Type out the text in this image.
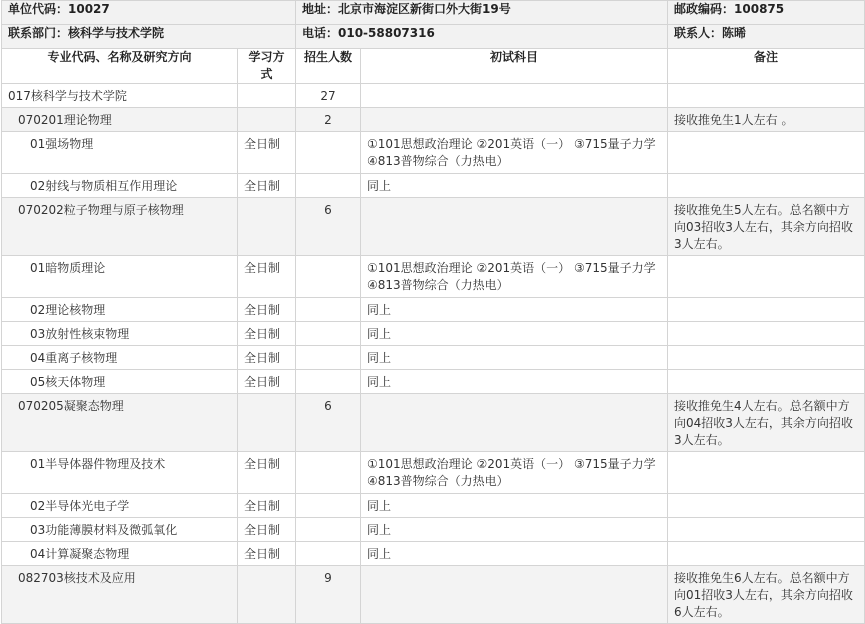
单位代码：10027		地址：北京市海淀区新街口外大街19号		邮政编码：100875
联系部门：核科学与技术学院		电话：010-58807316		联系人：陈晞
专业代码、名称及研究方向	学习方式	招生人数	初试科目	备注
017核科学与技术学院		27		
070201理论物理		2		接收推免生1人左右 。
01强场物理	全日制		①101思想政治理论 ②201英语（一） ③715量子力学 ④813普物综合（力热电）	
02射线与物质相互作用理论	全日制		同上	
070202粒子物理与原子核物理		6		接收推免生5人左右。总名额中方向03招收3人左右，其余方向招收3人左右。
01暗物质理论	全日制		①101思想政治理论 ②201英语（一） ③715量子力学 ④813普物综合（力热电）	
02理论核物理	全日制		同上	
03放射性核束物理	全日制		同上	
04重离子核物理	全日制		同上	
05核天体物理	全日制		同上	
070205凝聚态物理		6		接收推免生4人左右。总名额中方向04招收3人左右，其余方向招收3人左右。
01半导体器件物理及技术	全日制		①101思想政治理论 ②201英语（一） ③715量子力学 ④813普物综合（力热电）	
02半导体光电子学	全日制		同上	
03功能薄膜材料及微弧氧化	全日制		同上	
04计算凝聚态物理	全日制		同上	
082703核技术及应用		9		接收推免生6人左右。总名额中方向01招收3人左右，其余方向招收6人左右。
